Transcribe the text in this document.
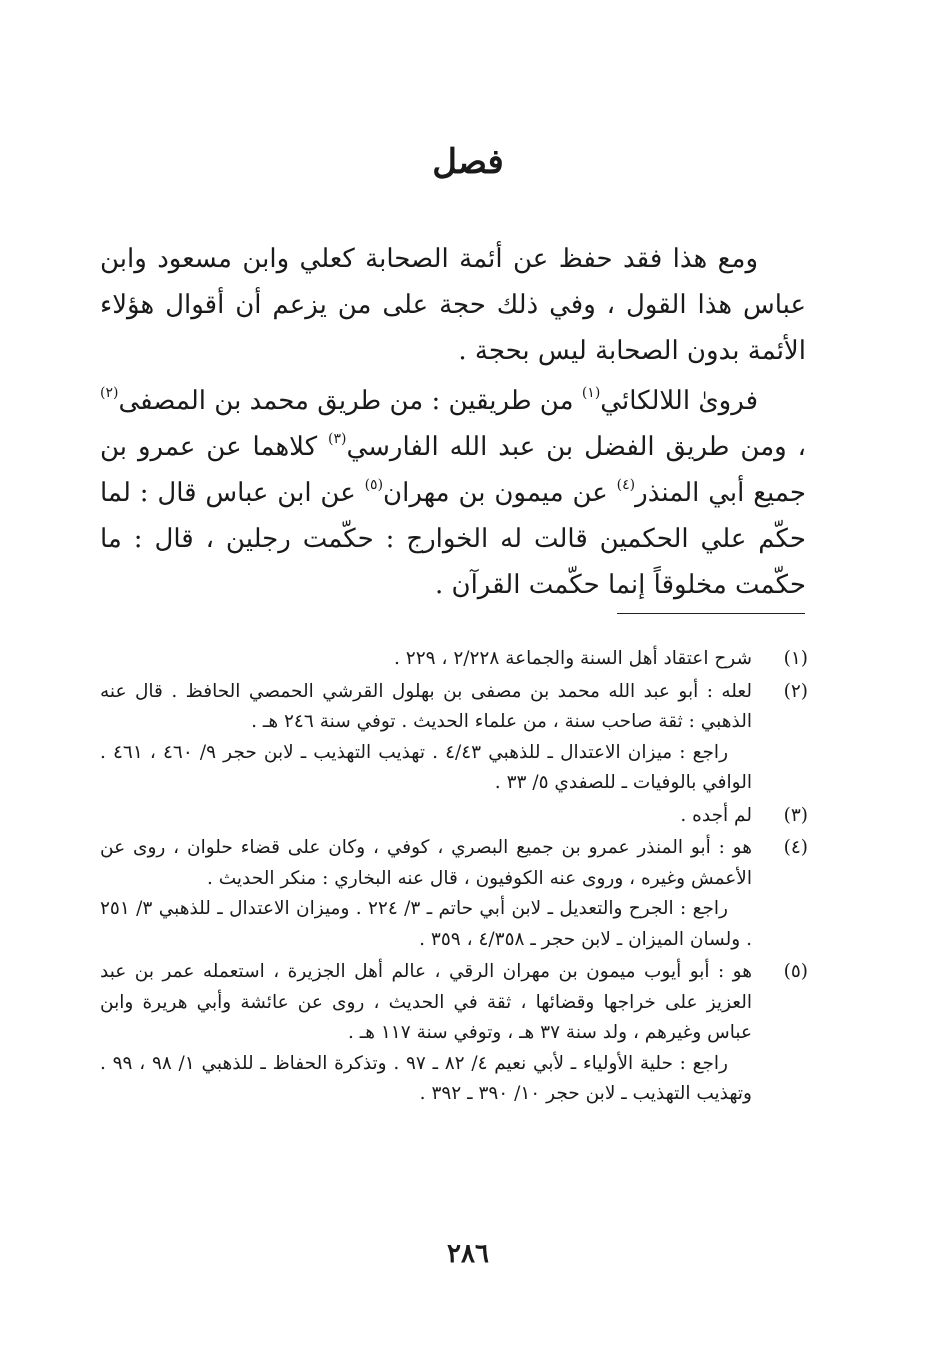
فصل

ومع هذا فقد حفظ عن أئمة الصحابة كعلي وابن مسعود وابن عباس هذا القول ، وفي ذلك حجة على من يزعم أن أقوال هؤلاء الأئمة بدون الصحابة ليس بحجة .

فرویٰ اللالكائي$^{(١)}$ من طريقين : من طريق محمد بن المصفى$^{(٢)}$ ، ومن طريق الفضل بن عبد الله الفارسي$^{(٣)}$ كلاهما عن عمرو بن جميع أبي المنذر$^{(٤)}$ عن ميمون بن مهران$^{(٥)}$ عن ابن عباس قال : لما حكّم علي الحكمين قالت له الخوارج : حكّمت رجلين ، قال : ما حكّمت مخلوقاً إنما حكّمت القرآن .

(١)

شرح اعتقاد أهل السنة والجماعة ٢/٢٢٨ ، ٢٢٩ .

(٢)

لعله : أبو عبد الله محمد بن مصفى بن بهلول القرشي الحمصي الحافظ . قال عنه الذهبي : ثقة صاحب سنة ، من علماء الحديث . توفي سنة ٢٤٦ هـ .

راجع : ميزان الاعتدال ـ للذهبي ٤/٤٣ . تهذيب التهذيب ـ لابن حجر ٩/ ٤٦٠ ، ٤٦١ . الوافي بالوفيات ـ للصفدي ٥/ ٣٣ .

(٣)

لم أجده .

(٤)

هو : أبو المنذر عمرو بن جميع البصري ، كوفي ، وكان على قضاء حلوان ، روى عن الأعمش وغيره ، وروى عنه الكوفيون ، قال عنه البخاري : منكر الحديث .

راجع : الجرح والتعديل ـ لابن أبي حاتم ـ ٣/ ٢٢٤ . وميزان الاعتدال ـ للذهبي ٣/ ٢٥١ . ولسان الميزان ـ لابن حجر ـ ٤/٣٥٨ ، ٣٥٩ .

(٥)

هو : أبو أيوب ميمون بن مهران الرقي ، عالم أهل الجزيرة ، استعمله عمر بن عبد العزيز على خراجها وقضائها ، ثقة في الحديث ، روى عن عائشة وأبي هريرة وابن عباس وغيرهم ، ولد سنة ٣٧ هـ ، وتوفي سنة ١١٧ هـ .

راجع : حلية الأولياء ـ لأبي نعيم ٤/ ٨٢ ـ ٩٧ . وتذكرة الحفاظ ـ للذهبي ١/ ٩٨ ، ٩٩ . وتهذيب التهذيب ـ لابن حجر ١٠/ ٣٩٠ ـ ٣٩٢ .

٢٨٦
